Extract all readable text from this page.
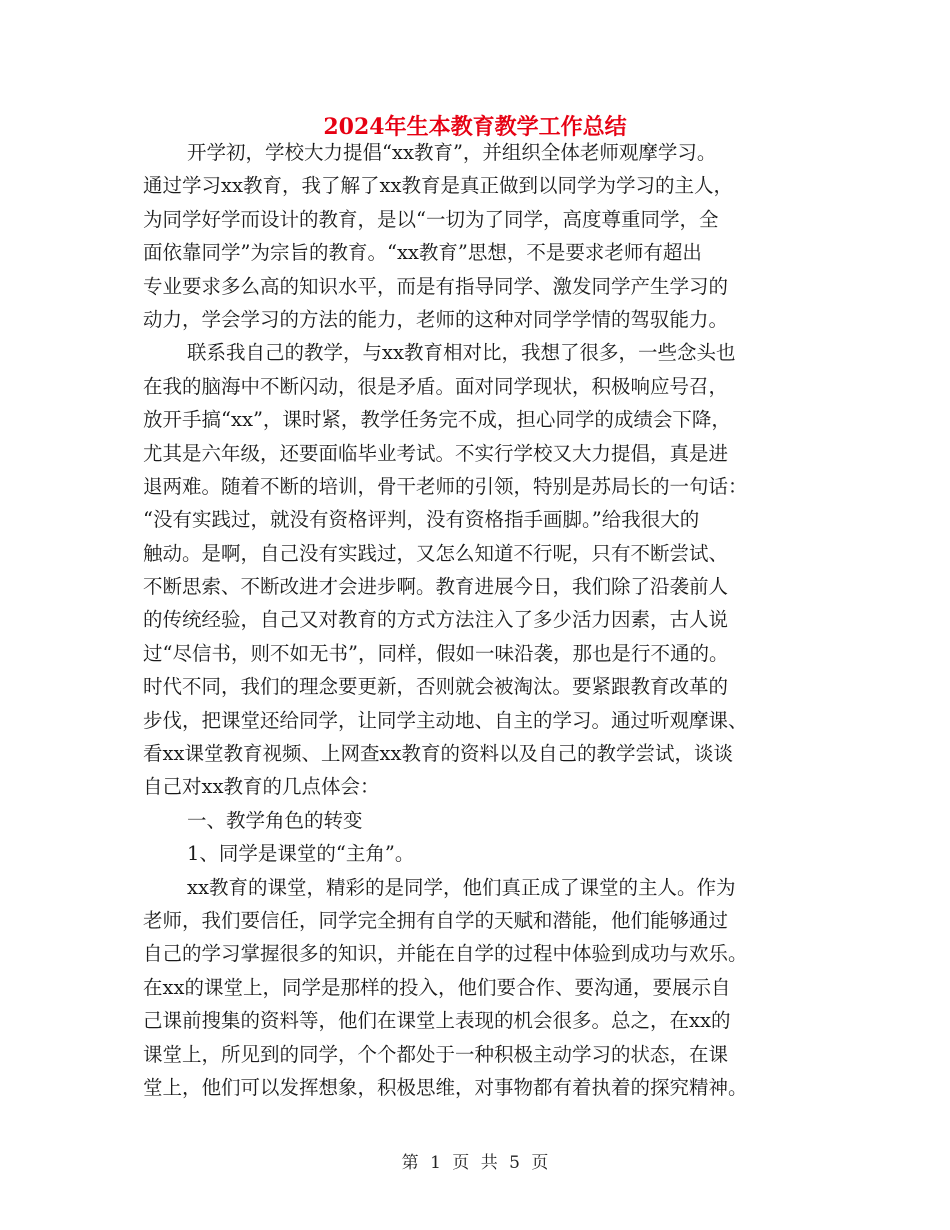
2024年生本教育教学工作总结
开学初，学校大力提倡“xx教育”，并组织全体老师观摩学习。
通过学习xx教育，我了解了xx教育是真正做到以同学为学习的主人，
为同学好学而设计的教育，是以“一切为了同学，高度尊重同学，全
面依靠同学”为宗旨的教育。“xx教育”思想，不是要求老师有超出
专业要求多么高的知识水平，而是有指导同学、激发同学产生学习的
动力，学会学习的方法的能力，老师的这种对同学学情的驾驭能力。
联系我自己的教学，与xx教育相对比，我想了很多，一些念头也
在我的脑海中不断闪动，很是矛盾。面对同学现状，积极响应号召，
放开手搞“xx”，课时紧，教学任务完不成，担心同学的成绩会下降，
尤其是六年级，还要面临毕业考试。不实行学校又大力提倡，真是进
退两难。随着不断的培训，骨干老师的引领，特别是苏局长的一句话：
“没有实践过，就没有资格评判，没有资格指手画脚。”给我很大的
触动。是啊，自己没有实践过，又怎么知道不行呢，只有不断尝试、
不断思索、不断改进才会进步啊。教育进展今日，我们除了沿袭前人
的传统经验，自己又对教育的方式方法注入了多少活力因素，古人说
过“尽信书，则不如无书”，同样，假如一味沿袭，那也是行不通的。
时代不同，我们的理念要更新，否则就会被淘汰。要紧跟教育改革的
步伐，把课堂还给同学，让同学主动地、自主的学习。通过听观摩课、
看xx课堂教育视频、上网查xx教育的资料以及自己的教学尝试，谈谈
自己对xx教育的几点体会：
一、教学角色的转变
1、同学是课堂的“主角”。
xx教育的课堂，精彩的是同学，他们真正成了课堂的主人。作为
老师，我们要信任，同学完全拥有自学的天赋和潜能，他们能够通过
自己的学习掌握很多的知识，并能在自学的过程中体验到成功与欢乐。
在xx的课堂上，同学是那样的投入，他们要合作、要沟通，要展示自
己课前搜集的资料等，他们在课堂上表现的机会很多。总之，在xx的
课堂上，所见到的同学，个个都处于一种积极主动学习的状态，在课
堂上，他们可以发挥想象，积极思维，对事物都有着执着的探究精神。
第 1 页 共 5 页
